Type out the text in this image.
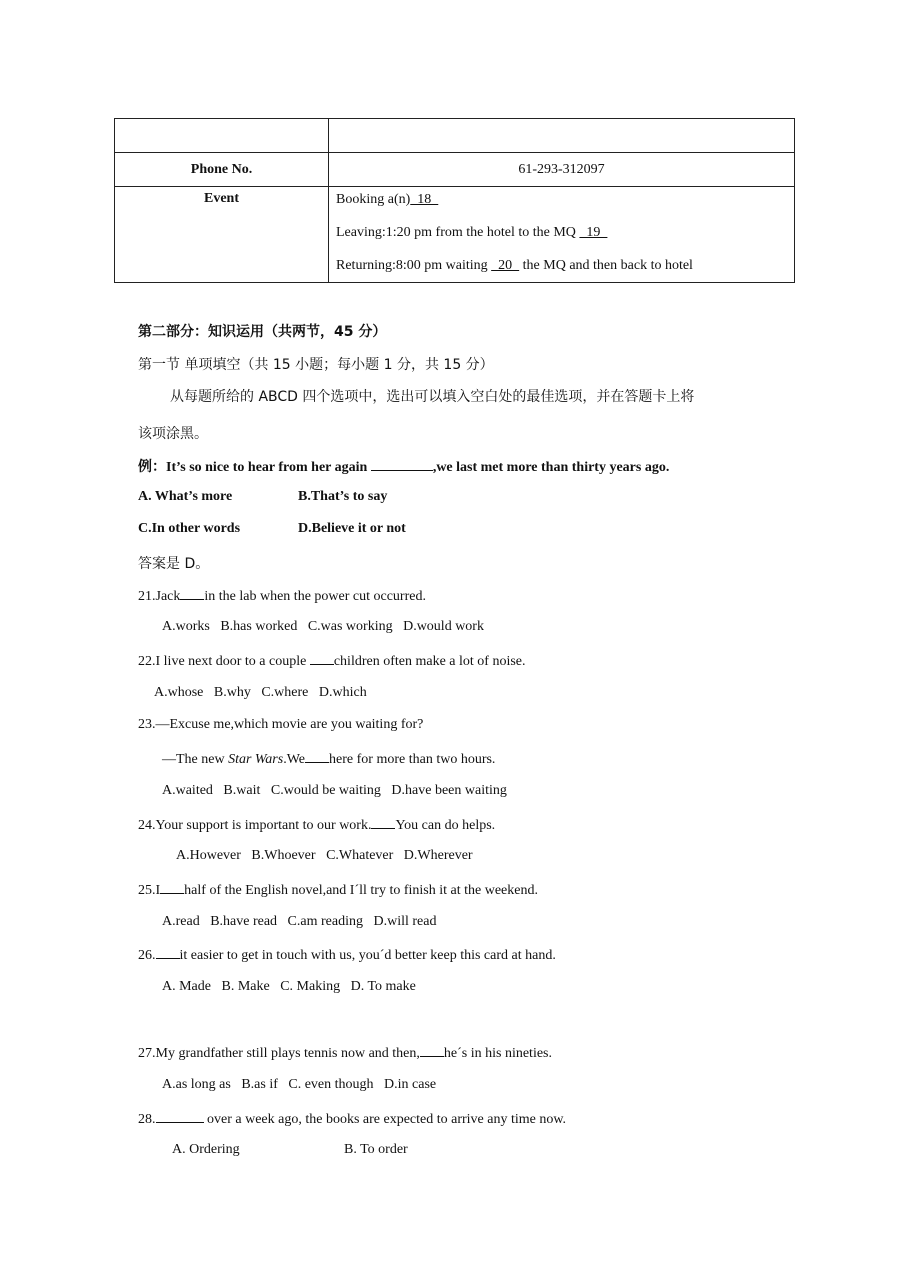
Phone No.	61-293-312097
Event	Booking a(n)  18
Leaving:1:20 pm from the hotel to the MQ   19
Returning:8:00 pm waiting   20   the MQ and then back to hotel
第二部分：知识运用（共两节，45 分）
第一节 单项填空（共 15 小题；每小题 1 分，共 15 分）
从每题所给的 ABCD 四个选项中，选出可以填入空白处的最佳选项，并在答题卡上将
该项涂黑。
例：It’s so nice to hear from her again	,we last met more than thirty years ago.
A. What’s more	B.That’s to say
C.In other words	D.Believe it or not
答案是 D。
21.Jack in the lab when the power cut occurred.
A.works   B.has worked   C.was working   D.would work
22.I live next door to a couple children often make a lot of noise.
A.whose   B.why   C.where   D.which
23.—Excuse me,which movie are you waiting for?
—The new Star Wars.We here for more than two hours.
A.waited   B.wait   C.would be waiting   D.have been waiting
24.Your support is important to our work. You can do helps.
A.However   B.Whoever   C.Whatever   D.Wherever
25.I half of the English novel,and I´ll try to finish it at the weekend.
A.read   B.have read   C.am reading   D.will read
26. it easier to get in touch with us, you´d better keep this card at hand.
A. Made   B. Make   C. Making   D. To make
27.My grandfather still plays tennis now and then, he´s in his nineties.
A.as long as   B.as if   C. even though   D.in case
28.	over a week ago, the books are expected to arrive any time now.
A. Ordering	B. To order
